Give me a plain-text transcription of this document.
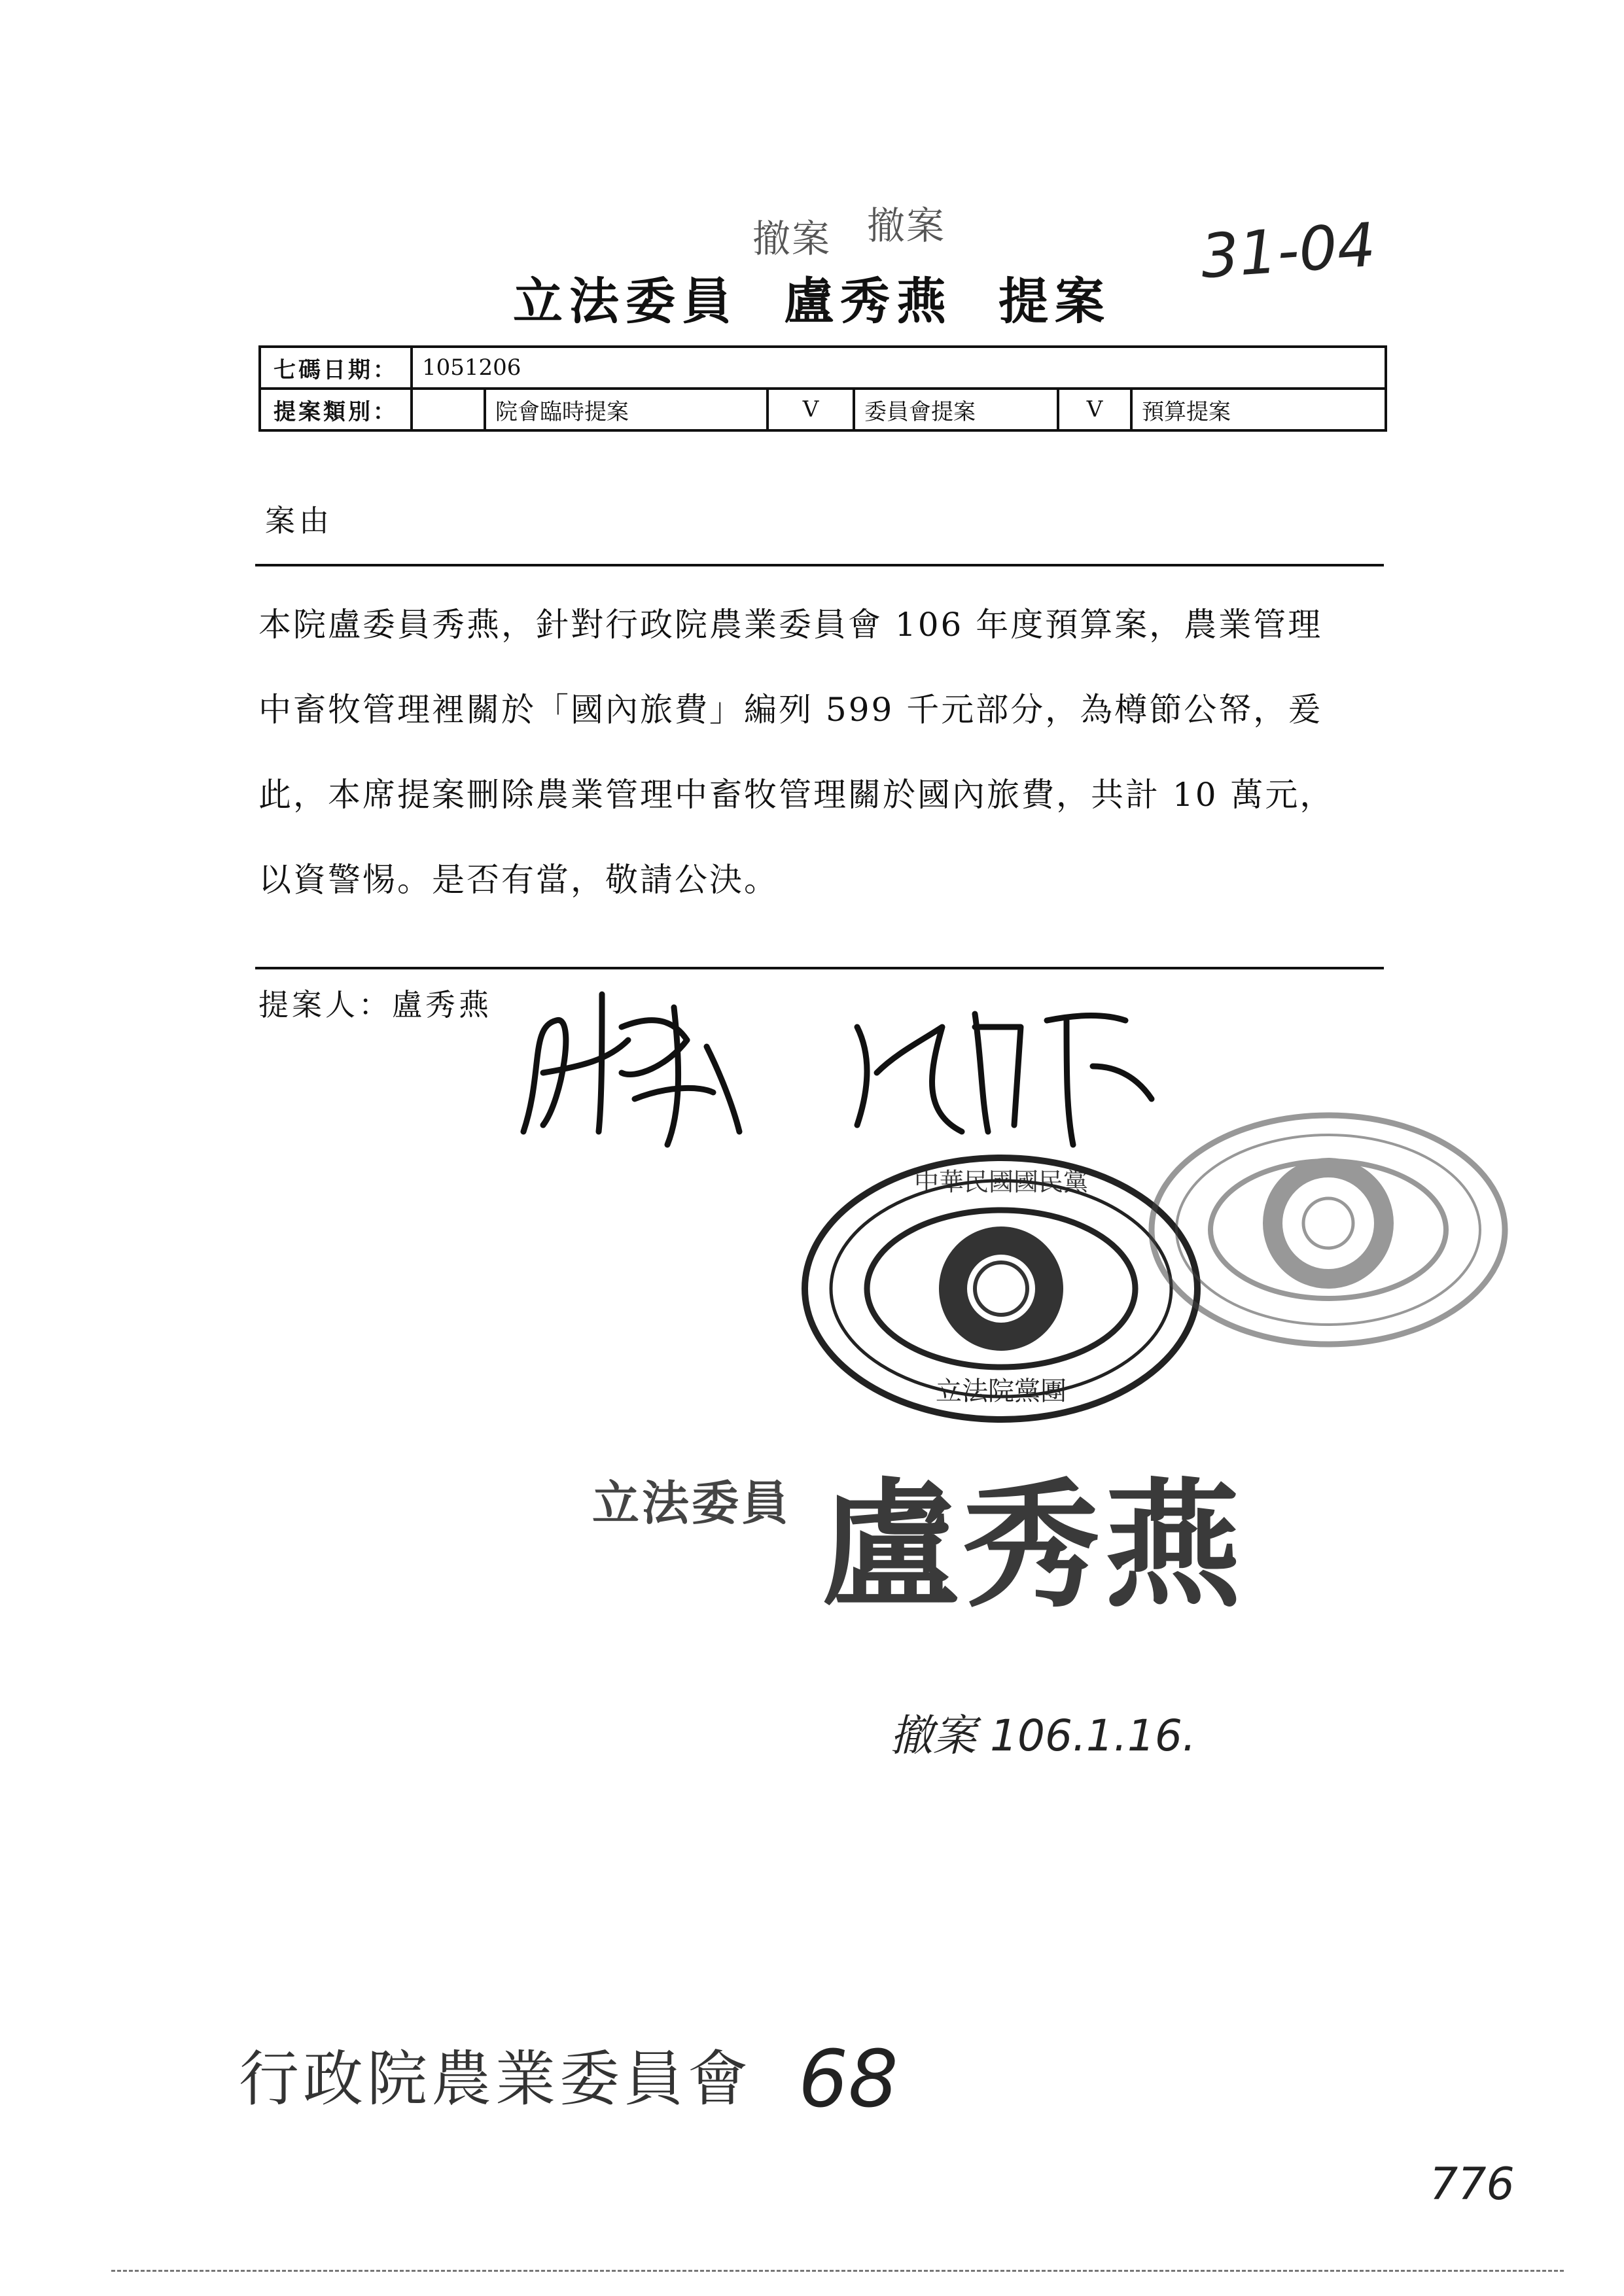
撤案 撤案	31-04
立法委員 盧秀燕 提案
七碼日期：	1051206					
提案類別：		院會臨時提案	V	委員會提案	V	預算提案
案由
本院盧委員秀燕，針對行政院農業委員會 106 年度預算案，農業管理
中畜牧管理裡關於「國內旅費」編列 599 千元部分，為樽節公帑，爰
此，本席提案刪除農業管理中畜牧管理關於國內旅費，共計 10 萬元，
以資警惕。是否有當，敬請公決。
提案人：盧秀燕
中華民國國民黨
立法院黨團
立法委員 盧秀燕
撤案 106.1.16.
行政院農業委員會 68
776
